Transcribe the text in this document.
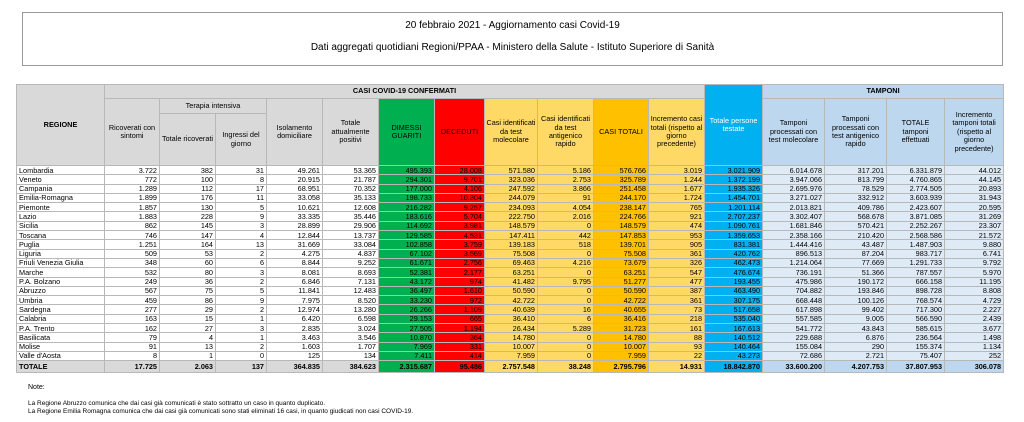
20 febbraio 2021 - Aggiornamento casi Covid-19
Dati aggregati quotidiani Regioni/PPAA - Ministero della Salute - Istituto Superiore di Sanità
REGIONE	CASI COVID-19 CONFERMATI											Totale persone testate	TAMPONI			
	Ricoverati con sintomi	Terapia intensiva		Isolamento domiciliare	Totale attualmente positivi	DIMESSI GUARITI	DECEDUTI	Casi identificati da test molecolare	Casi identificati da test antigenico rapido	CASI TOTALI	Incremento casi totali (rispetto al giorno precedente)		Tamponi processati con test molecolare	Tamponi processati con test antigenico rapido	TOTALE tamponi effettuati	Incremento tamponi totali (rispetto al giorno precedente)
		Totale ricoverati	Ingressi del giorno													
Lombardia	3.722	382	31	49.261	53.365	495.393	28.008	571.580	5.186	576.766	3.019	3.021.909	6.014.678	317.201	6.331.879	44.012
Veneto	772	100	8	20.915	21.787	294.301	9.701	323.036	2.753	325.789	1.244	1.372.199	3.947.066	813.799	4.760.865	44.145
Campania	1.289	112	17	68.951	70.352	177.000	4.106	247.592	3.866	251.458	1.677	1.935.326	2.695.976	78.529	2.774.505	20.893
Emilia-Romagna	1.899	176	11	33.058	35.133	198.733	10.304	244.079	91	244.170	1.724	1.454.701	3.271.027	332.912	3.603.939	31.943
Piemonte	1.857	130	5	10.621	12.608	216.282	9.257	234.093	4.054	238.147	765	1.201.114	2.013.821	409.786	2.423.607	20.595
Lazio	1.883	228	9	33.335	35.446	183.616	5.704	222.750	2.016	224.766	921	2.707.237	3.302.407	568.678	3.871.085	31.269
Sicilia	862	145	3	28.899	29.906	114.692	3.981	148.579	0	148.579	474	1.090.761	1.681.846	570.421	2.252.267	23.307
Toscana	746	147	4	12.844	13.737	129.585	4.531	147.411	442	147.853	953	1.359.653	2.358.166	210.420	2.568.586	21.572
Puglia	1.251	164	13	31.669	33.084	102.858	3.759	139.183	518	139.701	905	831.381	1.444.416	43.487	1.487.903	9.880
Liguria	509	53	2	4.275	4.837	67.102	3.569	75.508	0	75.508	361	420.762	896.513	87.204	983.717	6.741
Friuli Venezia Giulia	348	60	6	8.844	9.252	61.671	2.756	69.463	4.216	73.679	326	462.473	1.214.064	77.669	1.291.733	9.792
Marche	532	80	3	8.081	8.693	52.381	2.177	63.251	0	63.251	547	476.674	736.191	51.366	787.557	5.970
P.A. Bolzano	249	36	2	6.846	7.131	43.172	974	41.482	9.795	51.277	477	193.455	475.986	190.172	666.158	11.195
Abruzzo	567	75	5	11.841	12.483	36.497	1.610	50.590	0	50.590	387	463.490	704.882	193.846	898.728	8.808
Umbria	459	86	9	7.975	8.520	33.230	972	42.722	0	42.722	361	307.175	668.448	100.126	768.574	4.729
Sardegna	277	29	2	12.974	13.280	26.266	1.109	40.639	16	40.655	73	517.658	617.898	99.402	717.300	2.227
Calabria	163	15	1	6.420	6.598	29.153	665	36.410	6	36.416	218	535.040	557.585	9.005	566.590	2.439
P.A. Trento	162	27	3	2.835	3.024	27.505	1.194	26.434	5.289	31.723	161	167.613	541.772	43.843	585.615	3.677
Basilicata	79	4	1	3.463	3.546	10.870	364	14.780	0	14.780	88	140.512	229.688	6.876	236.564	1.498
Molise	91	13	2	1.603	1.707	7.969	331	10.007	0	10.007	93	140.464	155.084	290	155.374	1.134
Valle d'Aosta	8	1	0	125	134	7.411	414	7.959	0	7.959	22	43.273	72.686	2.721	75.407	252
TOTALE	17.725	2.063	137	364.835	384.623	2.315.687	95.486	2.757.548	38.248	2.795.796	14.931	18.842.870	33.600.200	4.207.753	37.807.953	306.078
Note:
La Regione Abruzzo comunica che dai casi già comunicati è stato sottratto un caso in quanto duplicato.
La Regione Emilia Romagna comunica che dai casi già comunicati sono stati eliminati 16 casi, in quanto giudicati non casi COVID-19.
